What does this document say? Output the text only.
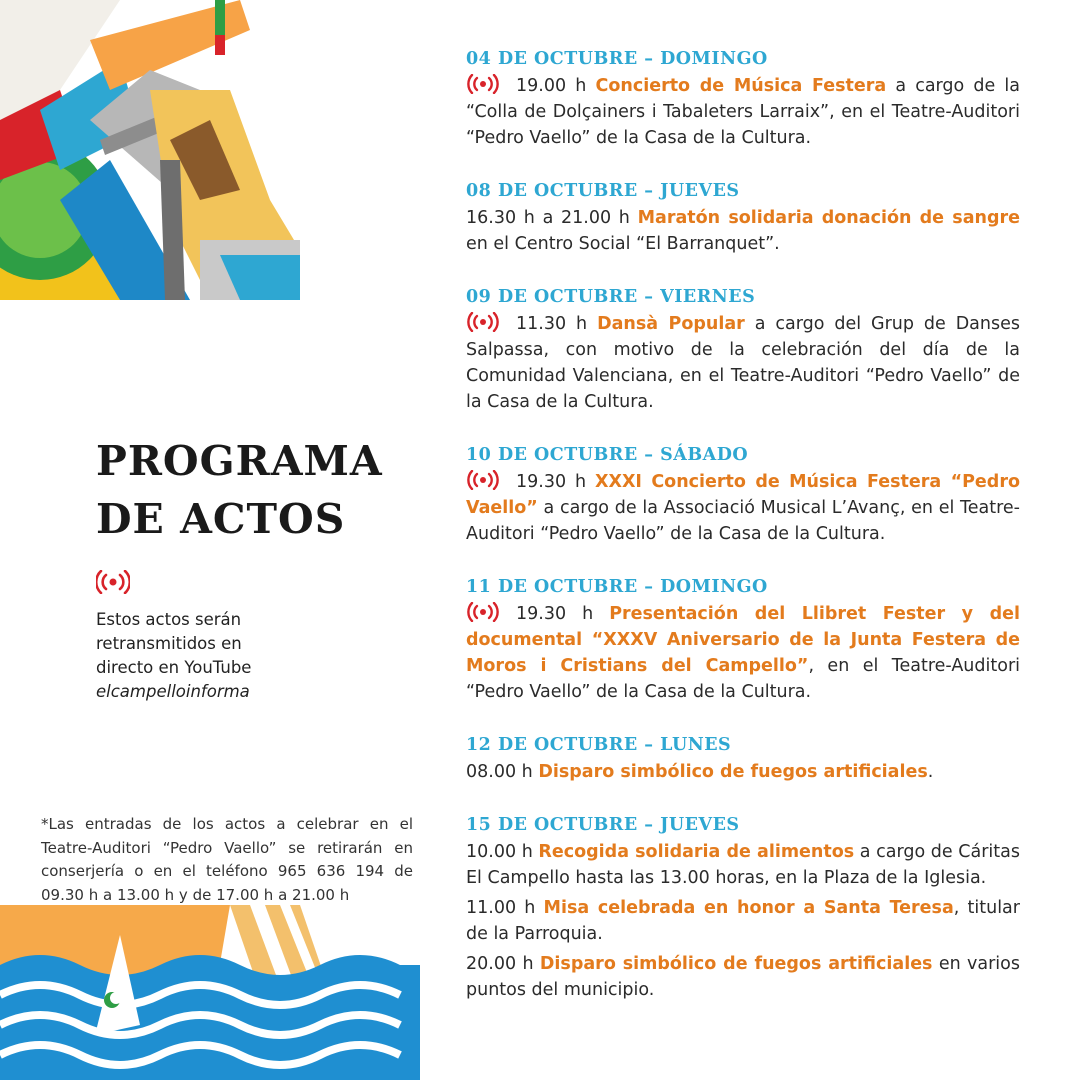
PROGRAMA
DE ACTOS
Estos actos serán
retransmitidos en
directo en YouTube
elcampelloinforma

*Las entradas de los actos a celebrar en el Teatre-Auditori “Pedro Vaello” se retirarán en conserjería o en el teléfono 965 636 194 de 09.30 h a 13.00 h y de 17.00 h a 21.00 h

04 DE OCTUBRE – DOMINGO

19.00 h Concierto de Música Festera a cargo de la “Colla de Dolçainers i Tabaleters Larraix”, en el Teatre-Auditori “Pedro Vaello” de la Casa de la Cultura.

08 DE OCTUBRE – JUEVES

16.30 h a 21.00 h Maratón solidaria donación de sangre en el Centro Social “El Barranquet”.

09 DE OCTUBRE – VIERNES

11.30 h Dansà Popular a cargo del Grup de Danses Salpassa, con motivo de la celebración del día de la Comunidad Valenciana, en el Teatre-Auditori “Pedro Vaello” de la Casa de la Cultura.

10 DE OCTUBRE – SÁBADO

19.30 h XXXI Concierto de Música Festera “Pedro Vaello” a cargo de la Associació Musical L’Avanç, en el Teatre-Auditori “Pedro Vaello” de la Casa de la Cultura.

11 DE OCTUBRE – DOMINGO

19.30 h Presentación del Llibret Fester y del documental “XXXV Aniversario de la Junta Festera de Moros i Cristians del Campello”, en el Teatre-Auditori “Pedro Vaello” de la Casa de la Cultura.

12 DE OCTUBRE – LUNES

08.00 h Disparo simbólico de fuegos artificiales.

15 DE OCTUBRE – JUEVES

10.00 h Recogida solidaria de alimentos a cargo de Cáritas El Campello hasta las 13.00 horas, en la Plaza de la Iglesia.

11.00 h Misa celebrada en honor a Santa Teresa, titular de la Parroquia.

20.00 h Disparo simbólico de fuegos artificiales en varios puntos del municipio.
